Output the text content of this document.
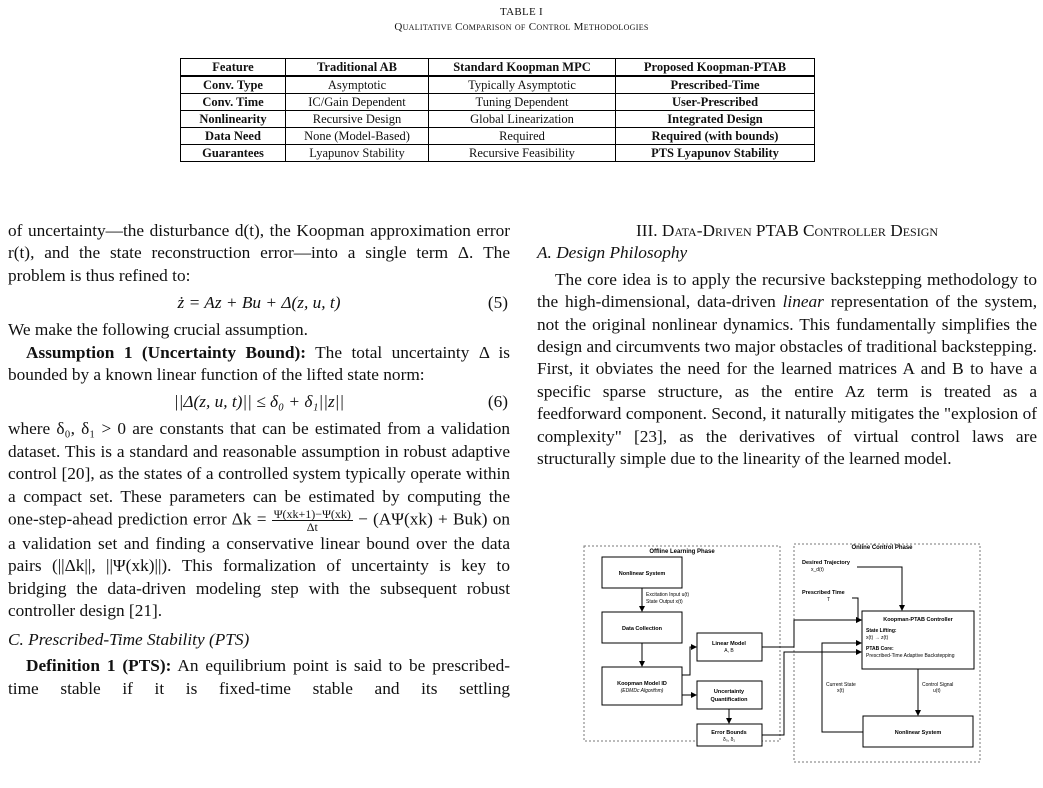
TABLE I
Qualitative Comparison of Control Methodologies
Feature	Traditional AB	Standard Koopman MPC	Proposed Koopman-PTAB
Conv. Type	Asymptotic	Typically Asymptotic	Prescribed-Time
Conv. Time	IC/Gain Dependent	Tuning Dependent	User-Prescribed
Nonlinearity	Recursive Design	Global Linearization	Integrated Design
Data Need	None (Model-Based)	Required	Required (with bounds)
Guarantees	Lyapunov Stability	Recursive Feasibility	PTS Lyapunov Stability

of uncertainty—the disturbance d(t), the Koopman approximation error r(t), and the state reconstruction error—into a single term Δ. The problem is thus refined to:

ż = Az + Bu + Δ(z, u, t)	(5)

We make the following crucial assumption.

Assumption 1 (Uncertainty Bound): The total uncertainty Δ is bounded by a known linear function of the lifted state norm:

||Δ(z, u, t)|| ≤ δ₀ + δ₁||z||	(6)

where δ₀, δ₁ > 0 are constants that can be estimated from a validation dataset. This is a standard and reasonable assumption in robust adaptive control [20], as the states of a controlled system typically operate within a compact set. These parameters can be estimated by computing the one-step-ahead prediction error $\Delta k = \frac{\Psi(xk+1)-\Psi(xk)}{\Delta t} - (A\Psi(xk) + Buk)$ on a validation set and finding a conservative linear bound over the data pairs (||Δk||, ||Ψ(xk)||). This formalization of uncertainty is key to bridging the data-driven modeling step with the subsequent robust controller design [21].

C. Prescribed-Time Stability (PTS)

Definition 1 (PTS): An equilibrium point is said to be prescribed-time stable if it is fixed-time stable and its settling

III. Data-Driven PTAB Controller Design

A. Design Philosophy

The core idea is to apply the recursive backstepping methodology to the high-dimensional, data-driven linear representation of the system, not the original nonlinear dynamics. This fundamentally simplifies the design and circumvents two major obstacles of traditional backstepping. First, it obviates the need for the learned matrices A and B to have a specific sparse structure, as the entire Az term is treated as a feedforward component. Second, it naturally mitigates the "explosion of complexity" [23], as the derivatives of virtual control laws are structurally simple due to the linearity of the learned model.

Offline Learning Phase
Online Control Phase
Nonlinear System
Excitation Input u(t)
State Output x(t)
Data Collection
Koopman Model ID
(EDMDc Algorithm)
Linear Model
A, B
Uncertainty
Quantification
Error Bounds
δ₀, δ₁
Desired Trajectory
x_d(t)
Prescribed Time
T
Koopman-PTAB Controller
State Lifting:
x(t) → z(t)
PTAB Core:
Prescribed-Time Adaptive Backstepping
Nonlinear System
Control Signal
u(t)
Current State
x(t)
